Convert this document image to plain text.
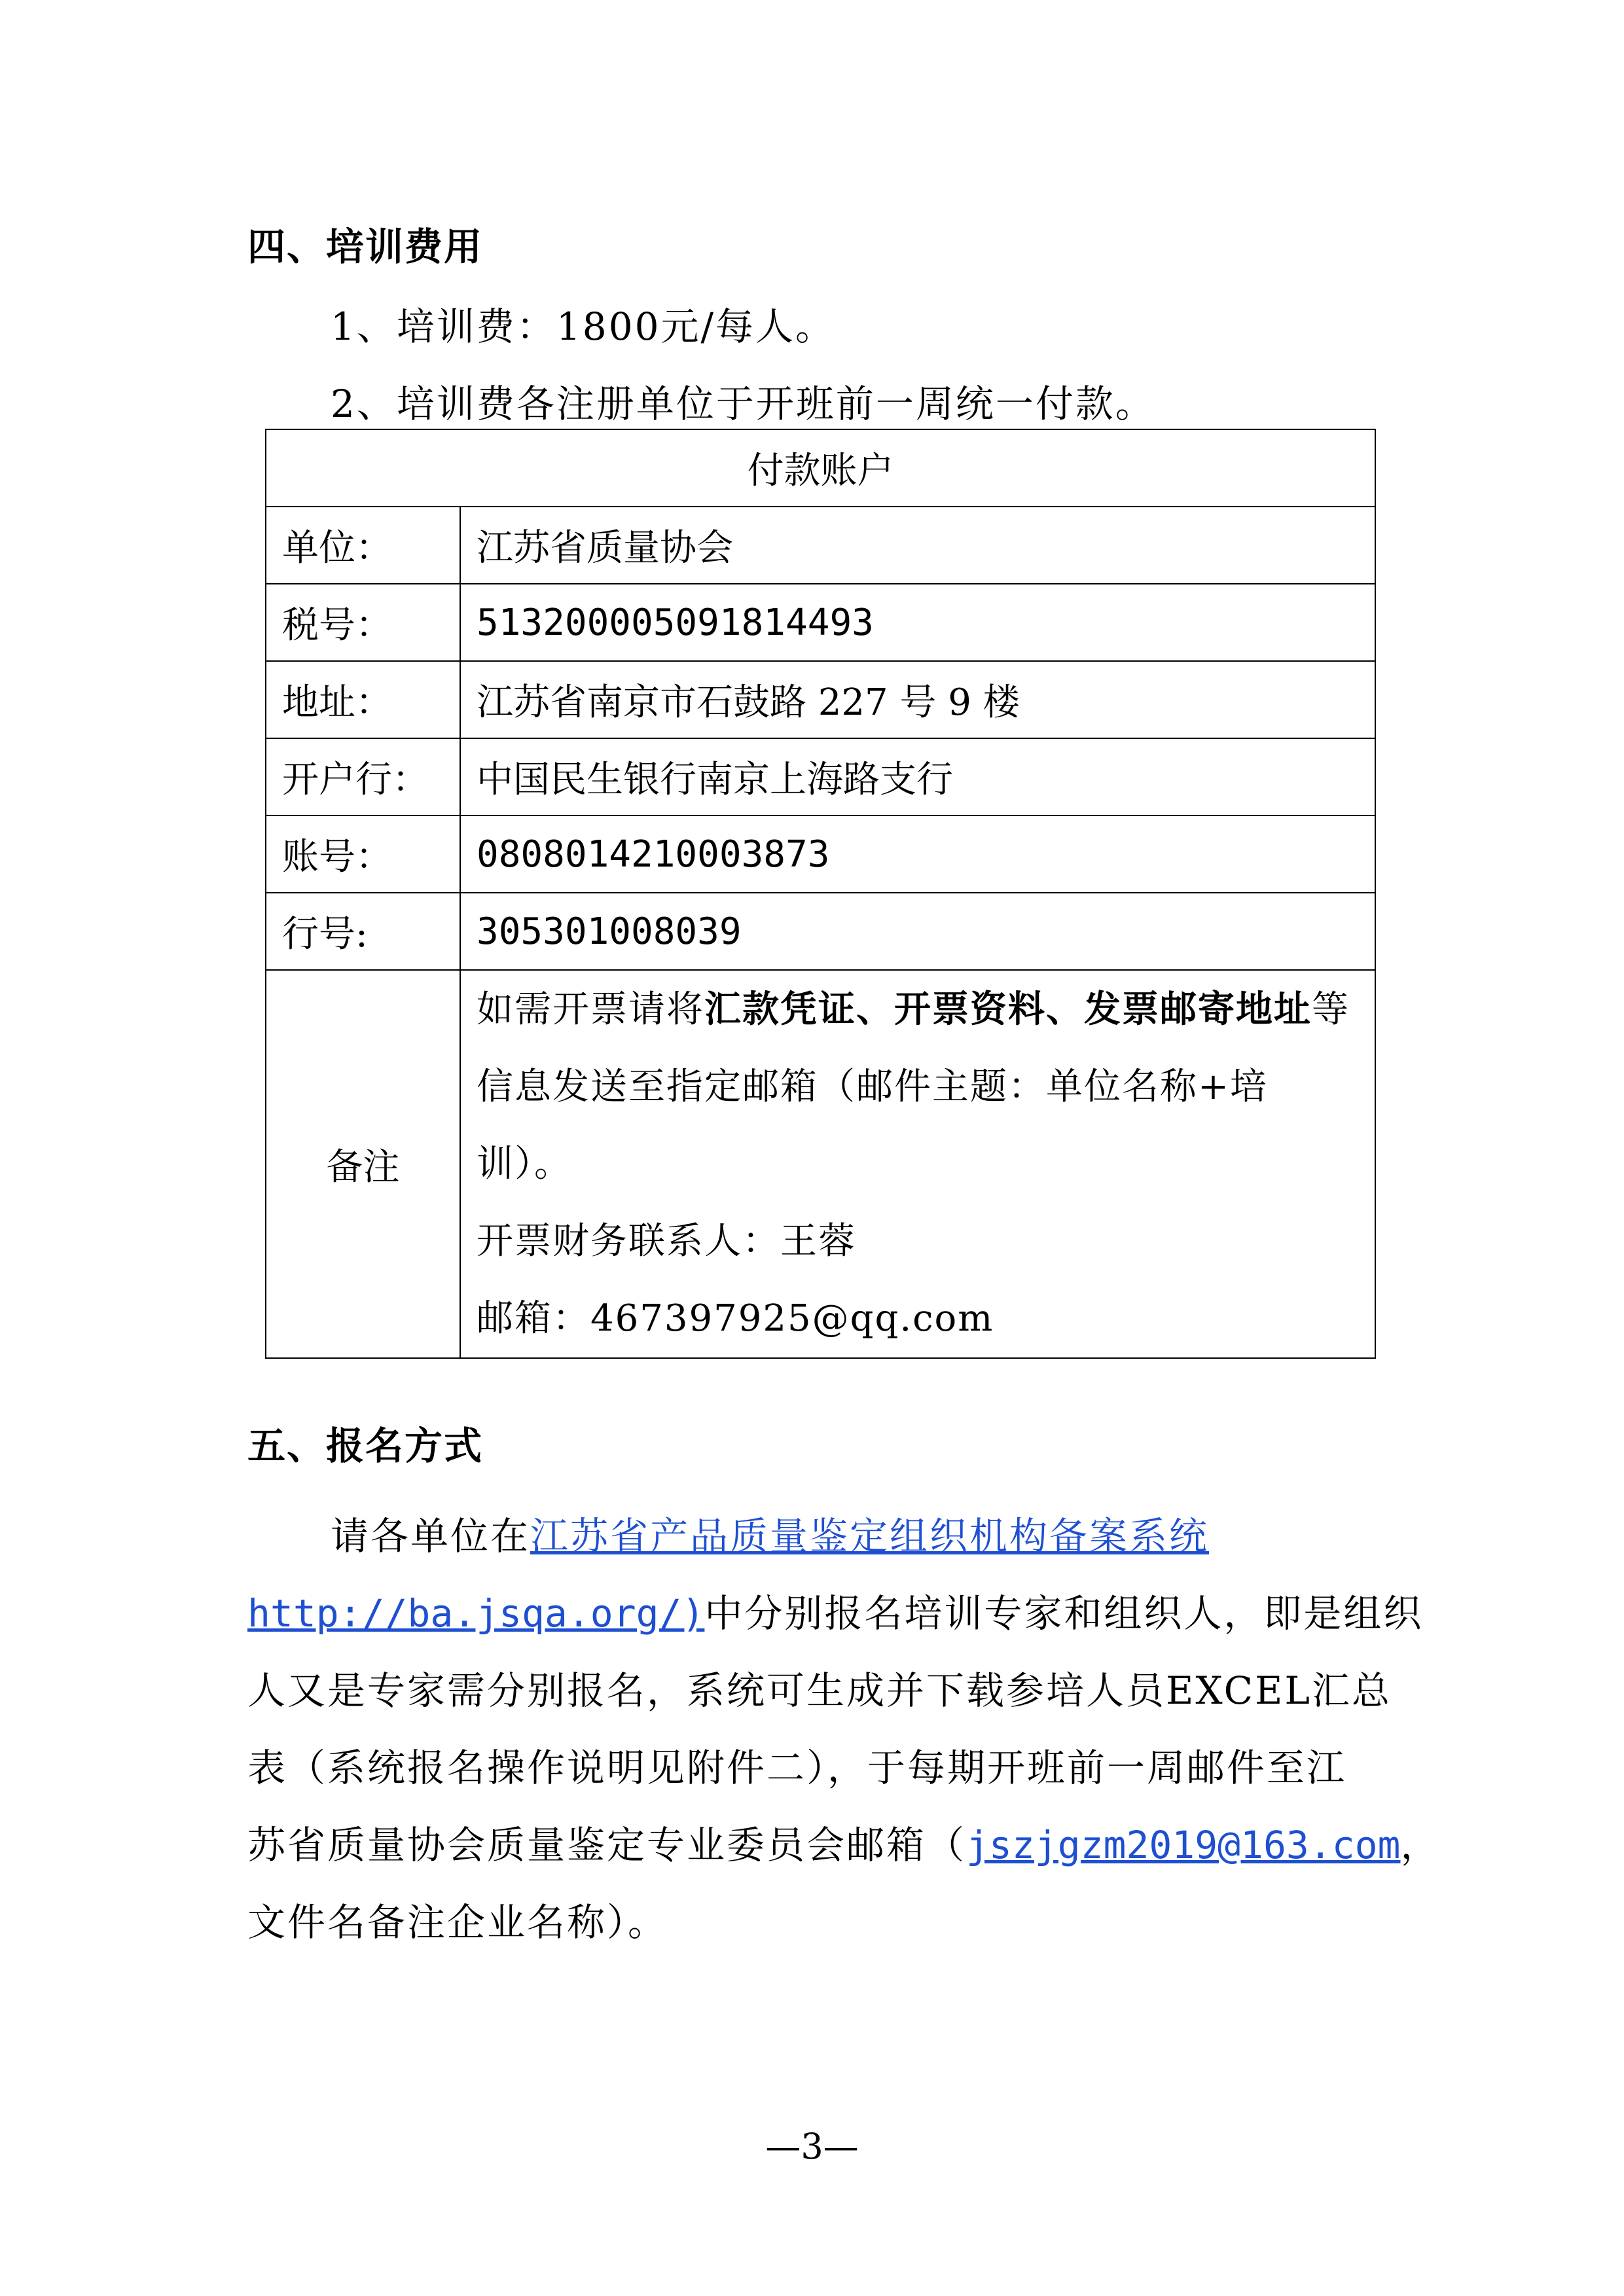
四、培训费用
1、培训费：1800元/每人。
2、培训费各注册单位于开班前一周统一付款。
付款账户	
单位：	江苏省质量协会
税号：	513200005091814493
地址：	江苏省南京市石鼓路 227 号 9 楼
开户行：	中国民生银行南京上海路支行
账号：	0808014210003873
行号:	305301008039
备注	如需开票请将汇款凭证、开票资料、发票邮寄地址等
信息发送至指定邮箱（邮件主题：单位名称+培训）。
开票财务联系人：王蓉
邮箱：467397925@qq.com
五、报名方式
请各单位在江苏省产品质量鉴定组织机构备案系统
http://ba.jsqa.org/)中分别报名培训专家和组织人，即是组织
人又是专家需分别报名，系统可生成并下载参培人员EXCEL汇总
表（系统报名操作说明见附件二），于每期开班前一周邮件至江
苏省质量协会质量鉴定专业委员会邮箱（jszjgzm2019@163.com，
文件名备注企业名称）。
—3—
